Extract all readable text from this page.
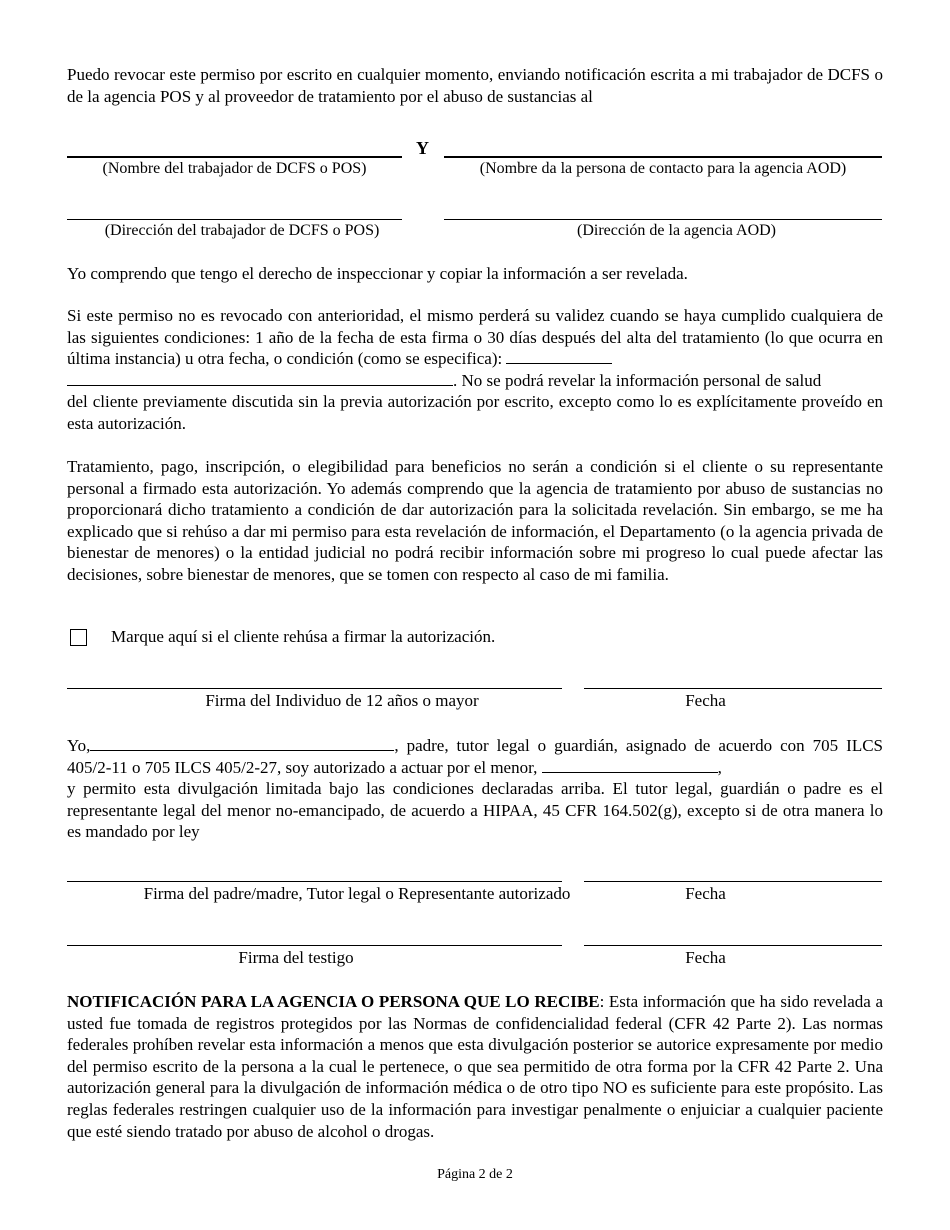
Puedo revocar este permiso por escrito en cualquier momento, enviando notificación escrita a mi trabajador de DCFS o de la agencia POS y al proveedor de tratamiento por el abuso de sustancias al

Y
(Nombre del trabajador de DCFS o POS)	(Nombre da la persona de contacto para la agencia AOD)
(Dirección del trabajador de DCFS o POS)	(Dirección de la agencia AOD)

Yo comprendo que tengo el derecho de inspeccionar y copiar la información a ser revelada.

Si este permiso no es revocado con anterioridad, el mismo perderá su validez cuando se haya cumplido cualquiera de las siguientes condiciones: 1 año de la fecha de esta firma o 30 días después del alta del tratamiento (lo que ocurra en última instancia) u otra fecha, o condición (como se especifica):

. No se podrá revelar la información personal de salud

del cliente previamente discutida sin la previa autorización por escrito, excepto como lo es explícitamente proveído en esta autorización.

Tratamiento, pago, inscripción, o elegibilidad para beneficios no serán a condición si el cliente o su representante personal a firmado esta autorización. Yo además comprendo que la agencia de tratamiento por abuso de sustancias no proporcionará dicho tratamiento a condición de dar autorización para la solicitada revelación. Sin embargo, se me ha explicado que si rehúso a dar mi permiso para esta revelación de información, el Departamento (o la agencia privada de bienestar de menores) o la entidad judicial no podrá recibir información sobre mi progreso lo cual puede afectar las decisiones, sobre bienestar de menores, que se tomen con respecto al caso de mi familia.

Marque aquí si el cliente rehúsa a firmar la autorización.
Firma del Individuo de 12 años o mayor	Fecha

Yo,	, padre, tutor legal o guardián, asignado de acuerdo con 705 ILCS 405/2-11 o 705 ILCS 405/2-27, soy autorizado a actuar por el menor,	,

y permito esta divulgación limitada bajo las condiciones declaradas arriba. El tutor legal, guardián o padre es el representante legal del menor no-emancipado, de acuerdo a HIPAA, 45 CFR 164.502(g), excepto si de otra manera lo es mandado por ley

Firma del padre/madre, Tutor legal o Representante autorizado	Fecha
Firma del testigo	Fecha

NOTIFICACIÓN PARA LA AGENCIA O PERSONA QUE LO RECIBE: Esta información que ha sido revelada a usted fue tomada de registros protegidos por las Normas de confidencialidad federal (CFR 42 Parte 2). Las normas federales prohíben revelar esta información a menos que esta divulgación posterior se autorice expresamente por medio del permiso escrito de la persona a la cual le pertenece, o que sea permitido de otra forma por la CFR 42 Parte 2. Una autorización general para la divulgación de información médica o de otro tipo NO es suficiente para este propósito. Las reglas federales restringen cualquier uso de la información para investigar penalmente o enjuiciar a cualquier paciente que esté siendo tratado por abuso de alcohol o drogas.

Página 2 de 2
